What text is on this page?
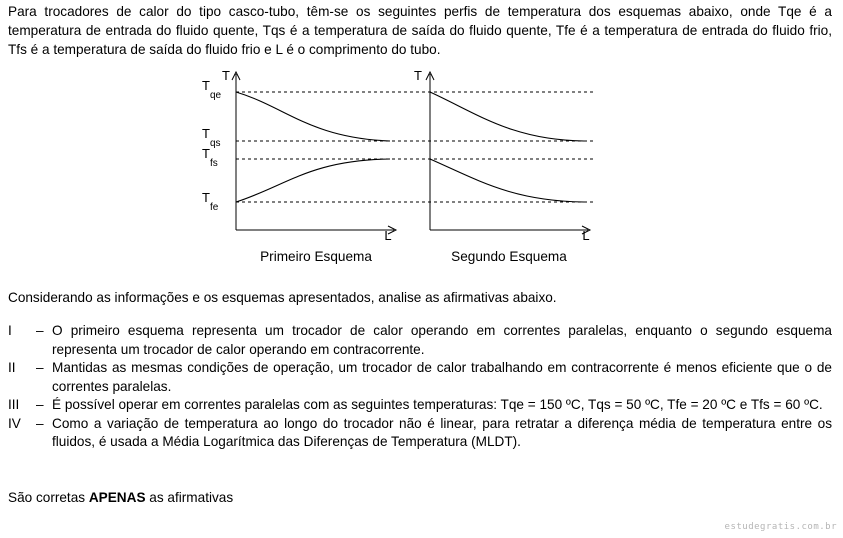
Para trocadores de calor do tipo casco-tubo, têm-se os seguintes perfis de temperatura dos esquemas abaixo, onde Tqe é a temperatura de entrada do fluido quente, Tqs é a temperatura de saída do fluido quente, Tfe é a temperatura de entrada do fluido frio, Tfs é a temperatura de saída do fluido frio e L é o comprimento do tubo.

T	T
L	L
T
qe
T
qs
T
fs
T
fe
Primeiro Esquema	Segundo Esquema

Considerando as informações e os esquemas apresentados, analise as afirmativas abaixo.

I	– O primeiro esquema representa um trocador de calor operando em correntes paralelas, enquanto o segundo esquema representa um trocador de calor operando em contracorrente.

II	– Mantidas as mesmas condições de operação, um trocador de calor trabalhando em contracorrente é menos eficiente que o de correntes paralelas.

III	– É possível operar em correntes paralelas com as seguintes temperaturas: Tqe = 150 ºC, Tqs = 50 ºC, Tfe = 20 ºC e Tfs = 60 ºC.

IV	– Como a variação de temperatura ao longo do trocador não é linear, para retratar a diferença média de temperatura entre os fluidos, é usada a Média Logarítmica das Diferenças de Temperatura (MLDT).

São corretas APENAS as afirmativas

estudegratis.com.br
